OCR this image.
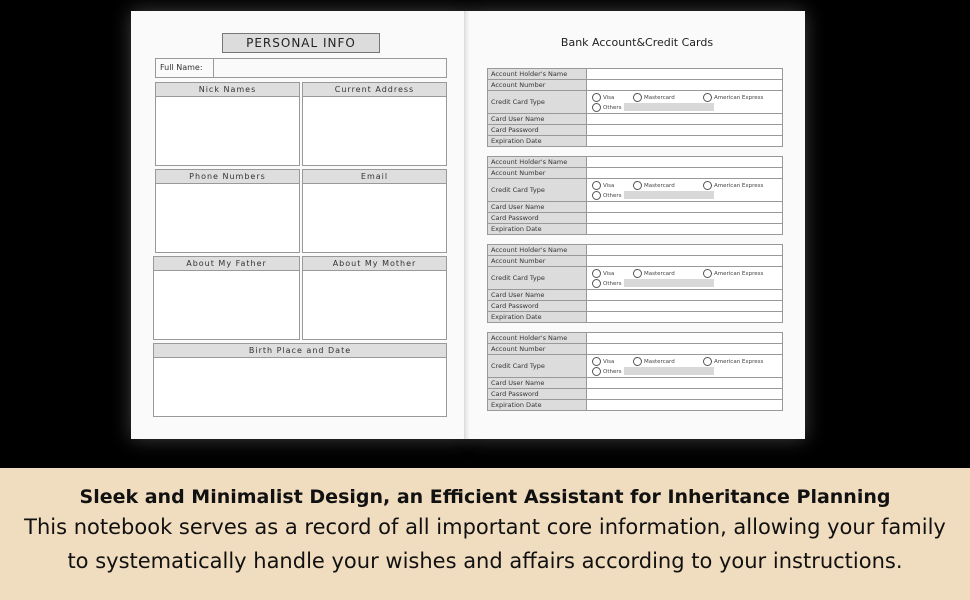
PERSONAL INFO
Full Name:
Nick Names	Current Address
Phone Numbers	Email
About My Father	About My Mother
Birth Place and Date
Bank Account&Credit Cards
Account Holder's Name	
Account Number	
Credit Card Type	Visa Mastercard American Express
Others

Card User Name	
Card Password	
Expiration Date	
Account Holder's Name	
Account Number	
Credit Card Type	Visa Mastercard American Express
Others

Card User Name	
Card Password	
Expiration Date	
Account Holder's Name	
Account Number	
Credit Card Type	Visa Mastercard American Express
Others

Card User Name	
Card Password	
Expiration Date	
Account Holder's Name	
Account Number	
Credit Card Type	Visa Mastercard American Express
Others

Card User Name	
Card Password	
Expiration Date	
Sleek and Minimalist Design, an Efficient Assistant for Inheritance Planning
This notebook serves as a record of all important core information, allowing your family
to systematically handle your wishes and affairs according to your instructions.
